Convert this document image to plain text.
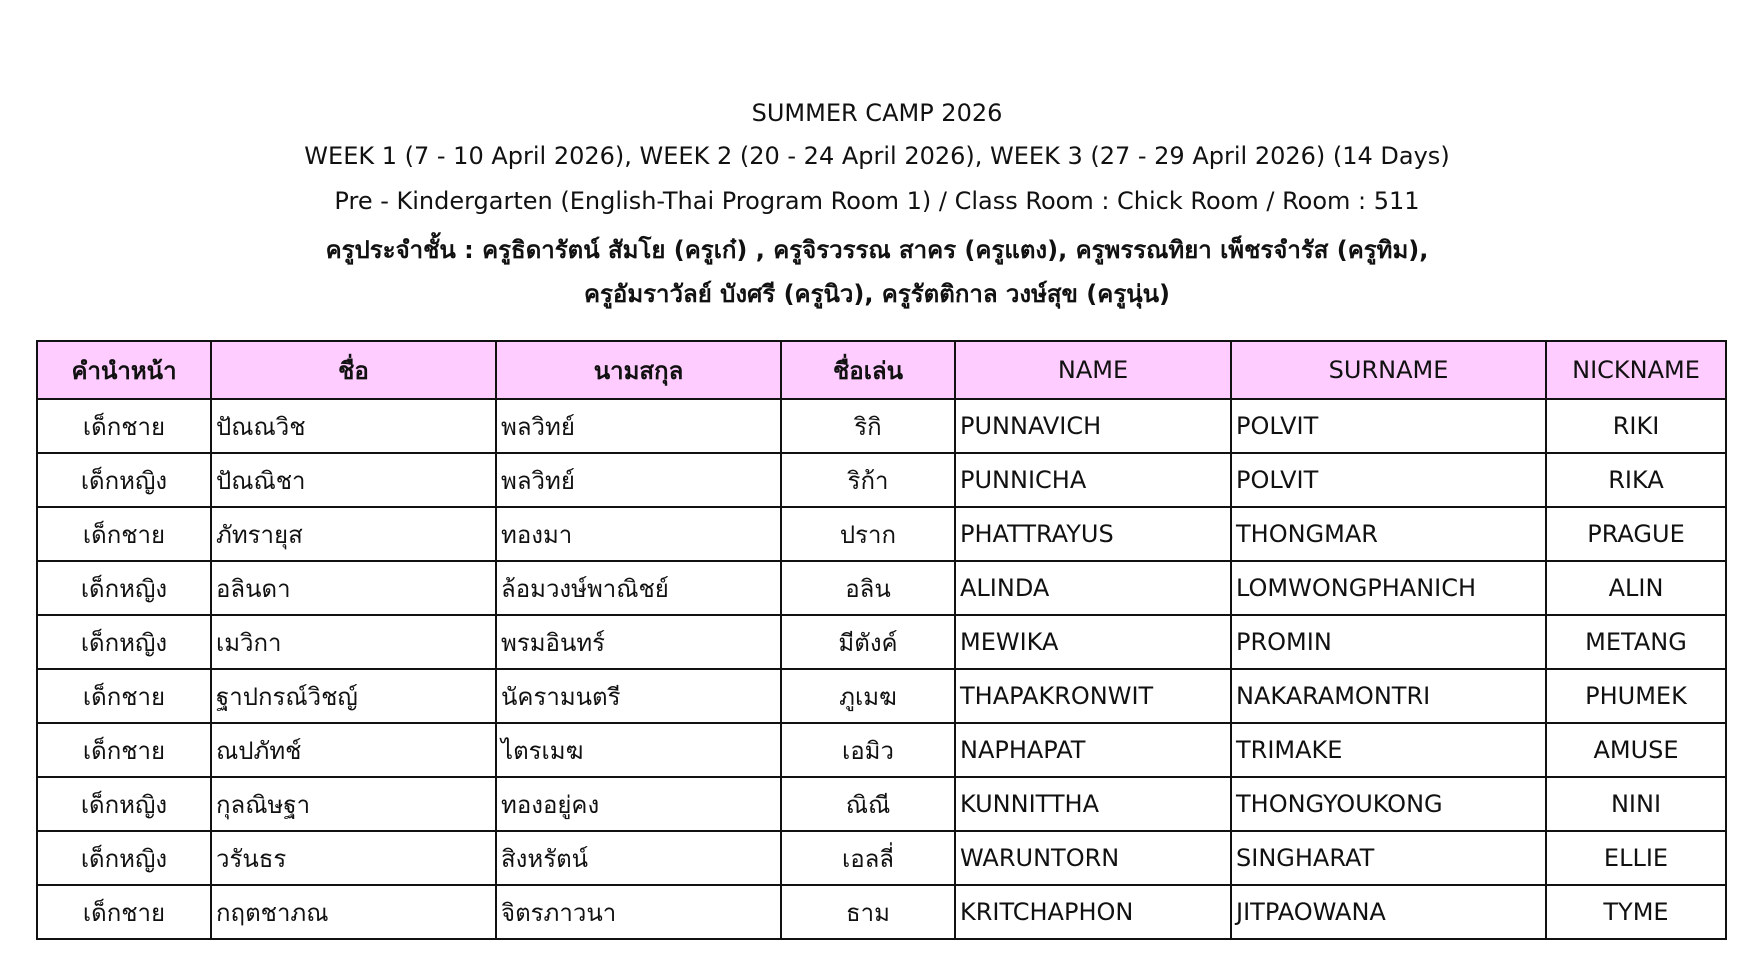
SUMMER CAMP 2026
WEEK 1 (7 - 10 April 2026), WEEK 2 (20 - 24 April 2026), WEEK 3 (27 - 29 April 2026) (14 Days)
Pre - Kindergarten (English-Thai Program Room 1) / Class Room : Chick Room / Room : 511
ครูประจำชั้น : ครูธิดารัตน์ สัมโย (ครูเก๋) , ครูจิรวรรณ สาคร (ครูแตง), ครูพรรณทิยา เพ็ชรจำรัส (ครูทิม),
ครูอัมราวัลย์ บังศรี (ครูนิว), ครูรัตติกาล วงษ์สุข (ครูนุ่น)
คำนำหน้า	ชื่อ	นามสกุล	ชื่อเล่น	NAME	SURNAME	NICKNAME
เด็กชาย	ปัณณวิช	พลวิทย์	ริกิ	PUNNAVICH	POLVIT	RIKI
เด็กหญิง	ปัณณิชา	พลวิทย์	ริก้า	PUNNICHA	POLVIT	RIKA
เด็กชาย	ภัทรายุส	ทองมา	ปราก	PHATTRAYUS	THONGMAR	PRAGUE
เด็กหญิง	อลินดา	ล้อมวงษ์พาณิชย์	อลิน	ALINDA	LOMWONGPHANICH	ALIN
เด็กหญิง	เมวิกา	พรมอินทร์	มีตังค์	MEWIKA	PROMIN	METANG
เด็กชาย	ฐาปกรณ์วิชญ์	นัครามนตรี	ภูเมฆ	THAPAKRONWIT	NAKARAMONTRI	PHUMEK
เด็กชาย	ณปภัทช์	ไตรเมฆ	เอมิว	NAPHAPAT	TRIMAKE	AMUSE
เด็กหญิง	กุลณิษฐา	ทองอยู่คง	ณิณี	KUNNITTHA	THONGYOUKONG	NINI
เด็กหญิง	วรันธร	สิงหรัตน์	เอลลี่	WARUNTORN	SINGHARAT	ELLIE
เด็กชาย	กฤตชาภณ	จิตรภาวนา	ธาม	KRITCHAPHON	JITPAOWANA	TYME
